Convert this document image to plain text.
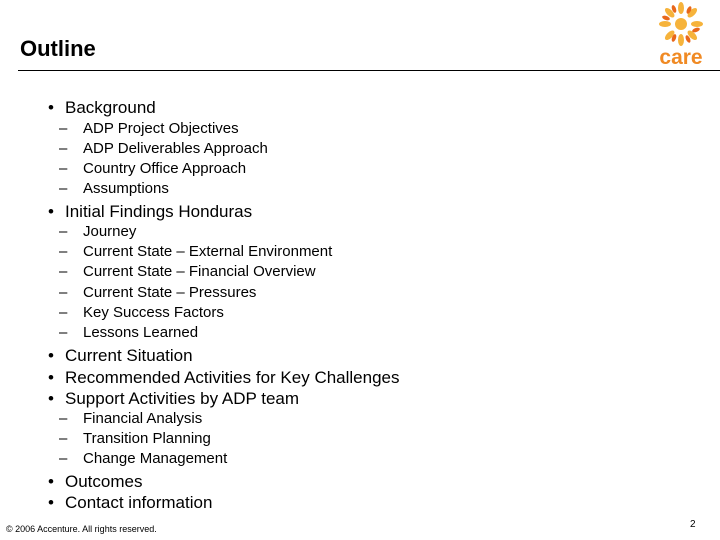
Outline	care
• Background
– ADP Project Objectives
– ADP Deliverables Approach
– Country Office Approach
– Assumptions
• Initial Findings Honduras
– Journey
– Current State – External Environment
– Current State – Financial Overview
– Current State – Pressures
– Key Success Factors
– Lessons Learned
• Current Situation
• Recommended Activities for Key Challenges
• Support Activities by ADP team
– Financial Analysis
– Transition Planning
– Change Management
• Outcomes
• Contact information
© 2006 Accenture. All rights reserved.	2
